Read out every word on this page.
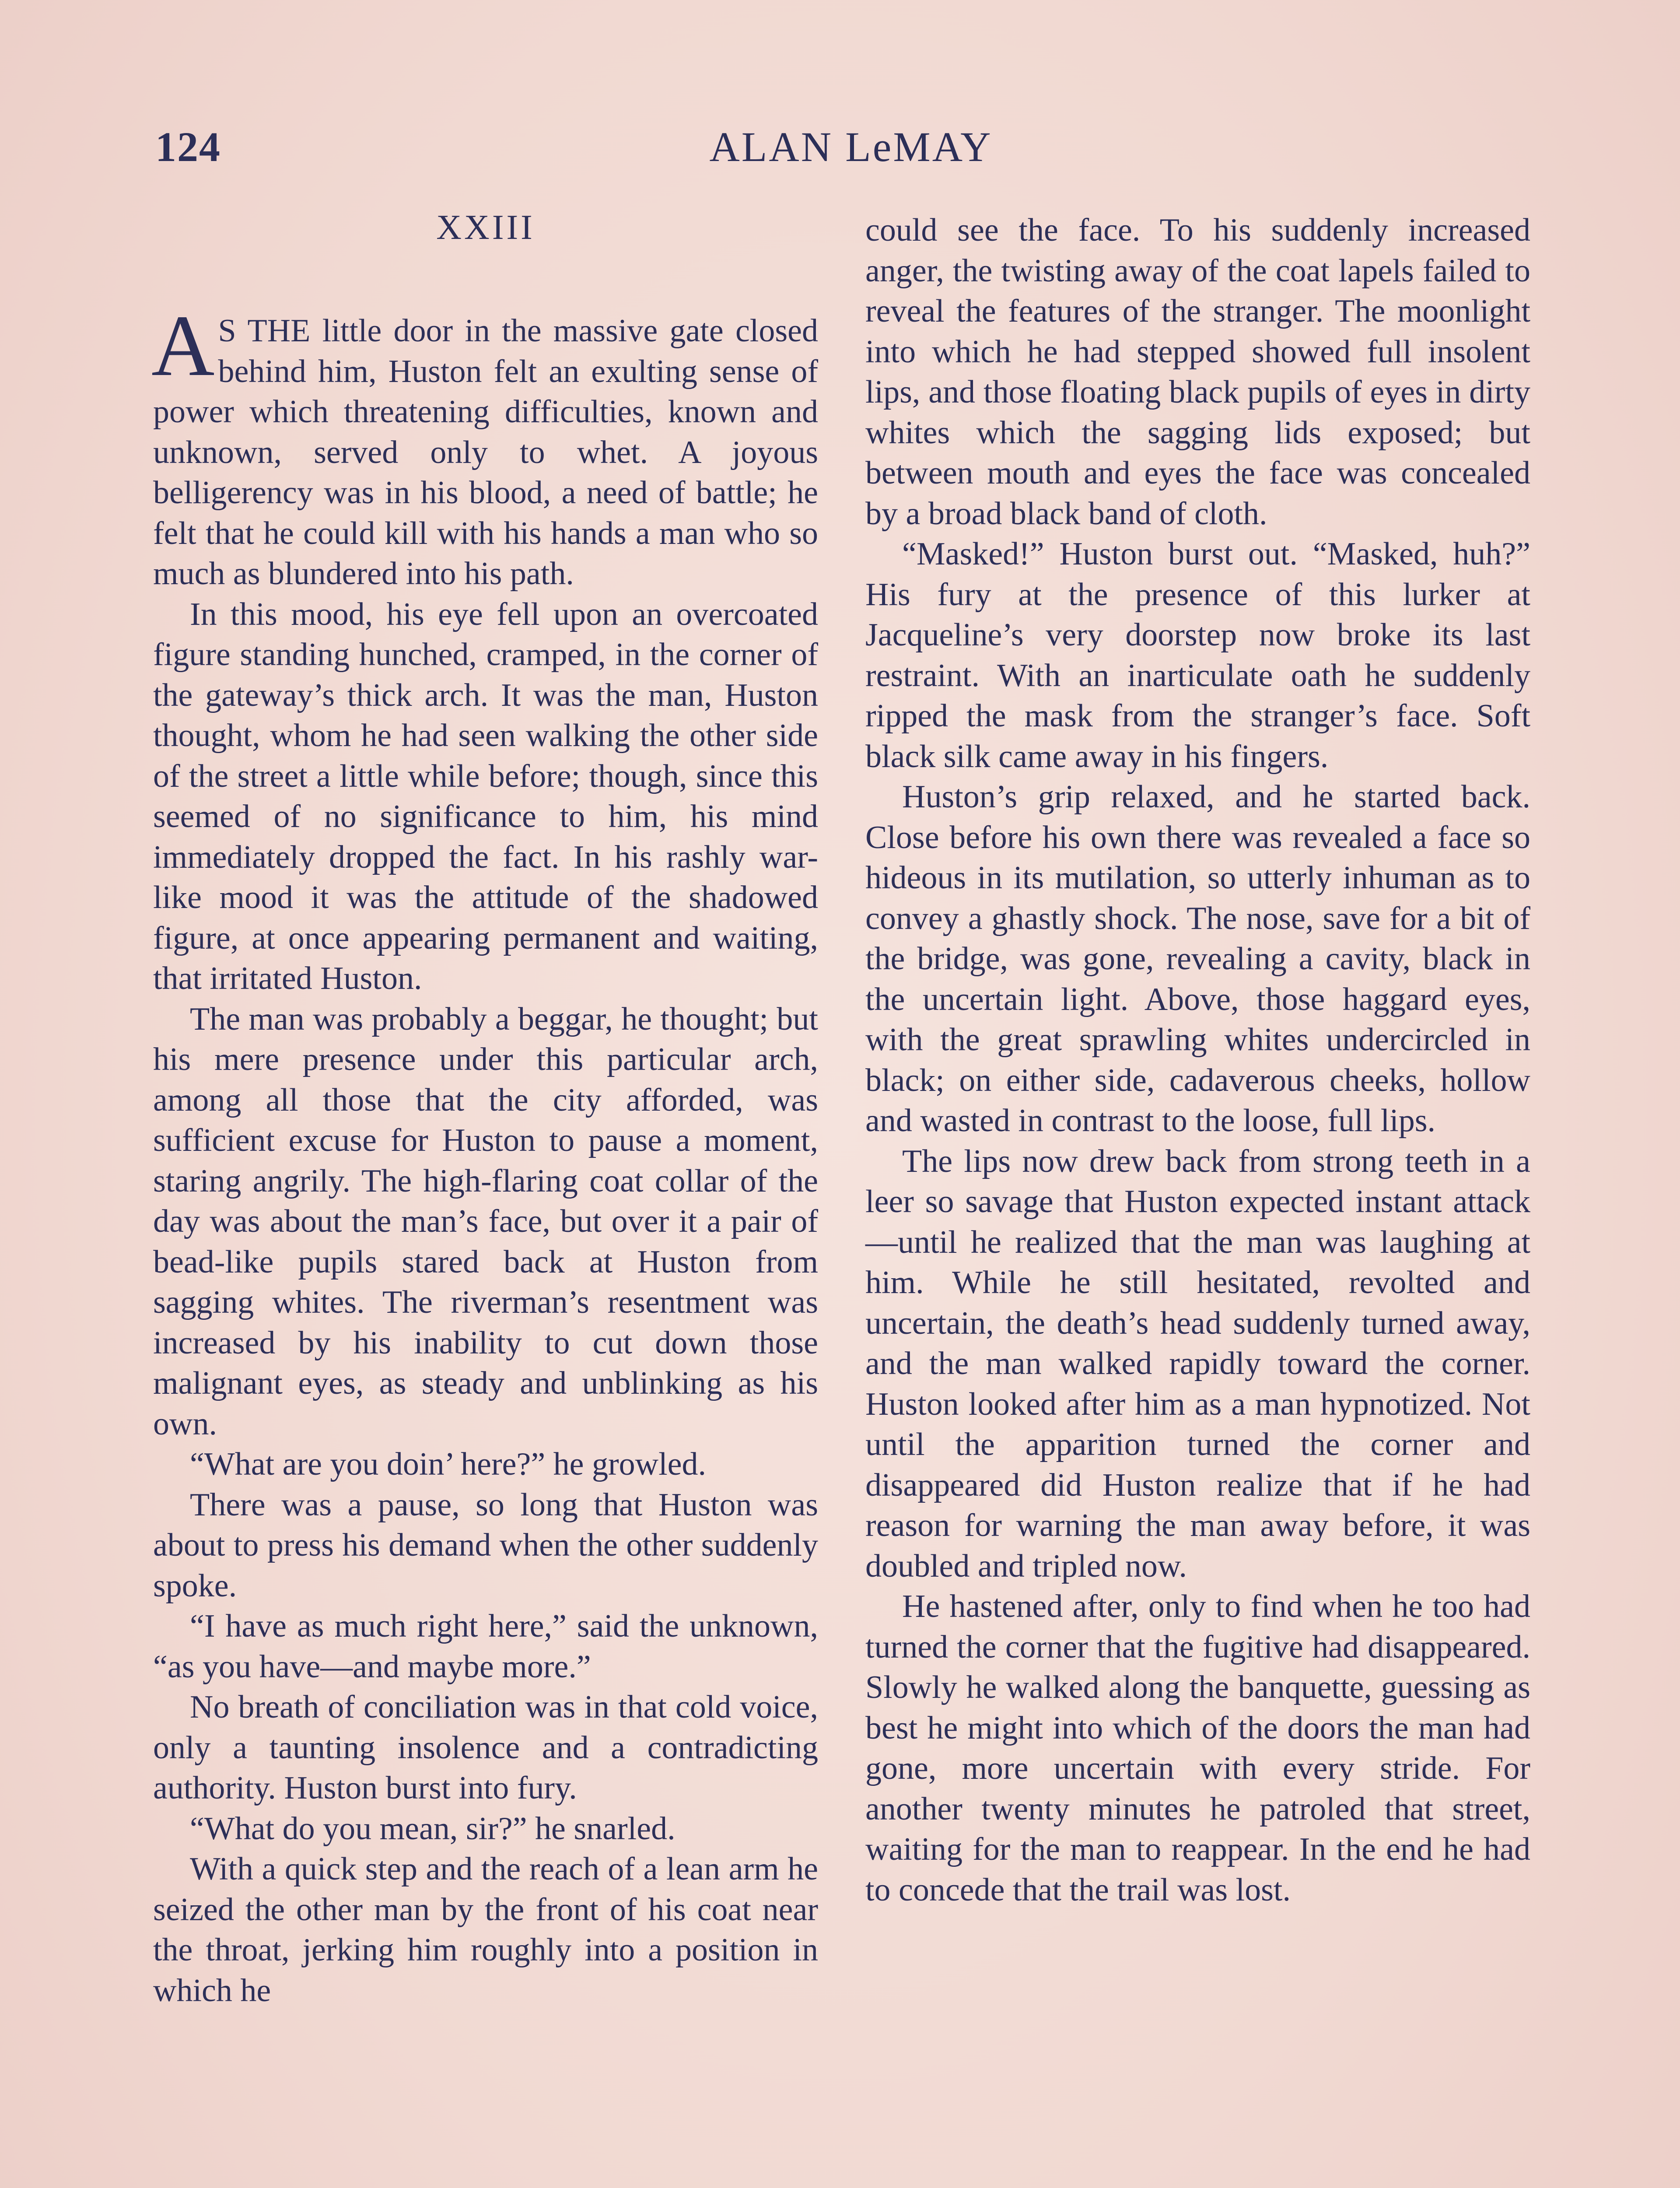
124	ALAN LeMAY
XXIII

A S THE little door in the massive gate closed behind him, Huston felt an exulting sense of power which threatening difficulties, known and unknown, served only to whet. A joyous belligerency was in his blood, a need of battle; he felt that he could kill with his hands a man who so much as blundered into his path.

In this mood, his eye fell upon an overcoated figure standing hunched, cramped, in the corner of the gateway’s thick arch. It was the man, Huston thought, whom he had seen walking the other side of the street a little while before; though, since this seemed of no significance to him, his mind immediately dropped the fact. In his rashly war-like mood it was the attitude of the shadowed figure, at once appearing permanent and waiting, that irritated Huston.

The man was probably a beggar, he thought; but his mere presence under this particular arch, among all those that the city afforded, was sufficient excuse for Huston to pause a moment, staring angrily. The high-flaring coat collar of the day was about the man’s face, but over it a pair of bead-like pupils stared back at Huston from sagging whites. The riverman’s resentment was increased by his inability to cut down those malignant eyes, as steady and unblinking as his own.

“What are you doin’ here?” he growled.

There was a pause, so long that Huston was about to press his demand when the other suddenly spoke.

“I have as much right here,” said the unknown, “as you have—and maybe more.”

No breath of conciliation was in that cold voice, only a taunting insolence and a contradicting authority. Huston burst into fury.

“What do you mean, sir?” he snarled.

With a quick step and the reach of a lean arm he seized the other man by the front of his coat near the throat, jerking him roughly into a position in which he

could see the face. To his suddenly increased anger, the twisting away of the coat lapels failed to reveal the features of the stranger. The moonlight into which he had stepped showed full insolent lips, and those floating black pupils of eyes in dirty whites which the sagging lids exposed; but between mouth and eyes the face was concealed by a broad black band of cloth.

“Masked!” Huston burst out. “Masked, huh?” His fury at the presence of this lurker at Jacqueline’s very doorstep now broke its last restraint. With an inarticulate oath he suddenly ripped the mask from the stranger’s face. Soft black silk came away in his fingers.

Huston’s grip relaxed, and he started back. Close before his own there was revealed a face so hideous in its mutilation, so utterly inhuman as to convey a ghastly shock. The nose, save for a bit of the bridge, was gone, revealing a cavity, black in the uncertain light. Above, those haggard eyes, with the great sprawling whites undercircled in black; on either side, cadaverous cheeks, hollow and wasted in contrast to the loose, full lips.

The lips now drew back from strong teeth in a leer so savage that Huston expected instant attack—until he realized that the man was laughing at him. While he still hesitated, revolted and uncertain, the death’s head suddenly turned away, and the man walked rapidly toward the corner. Huston looked after him as a man hypnotized. Not until the apparition turned the corner and disappeared did Huston realize that if he had reason for warning the man away before, it was doubled and tripled now.

He hastened after, only to find when he too had turned the corner that the fugitive had disappeared. Slowly he walked along the banquette, guessing as best he might into which of the doors the man had gone, more uncertain with every stride. For another twenty minutes he patroled that street, waiting for the man to reappear. In the end he had to concede that the trail was lost.
